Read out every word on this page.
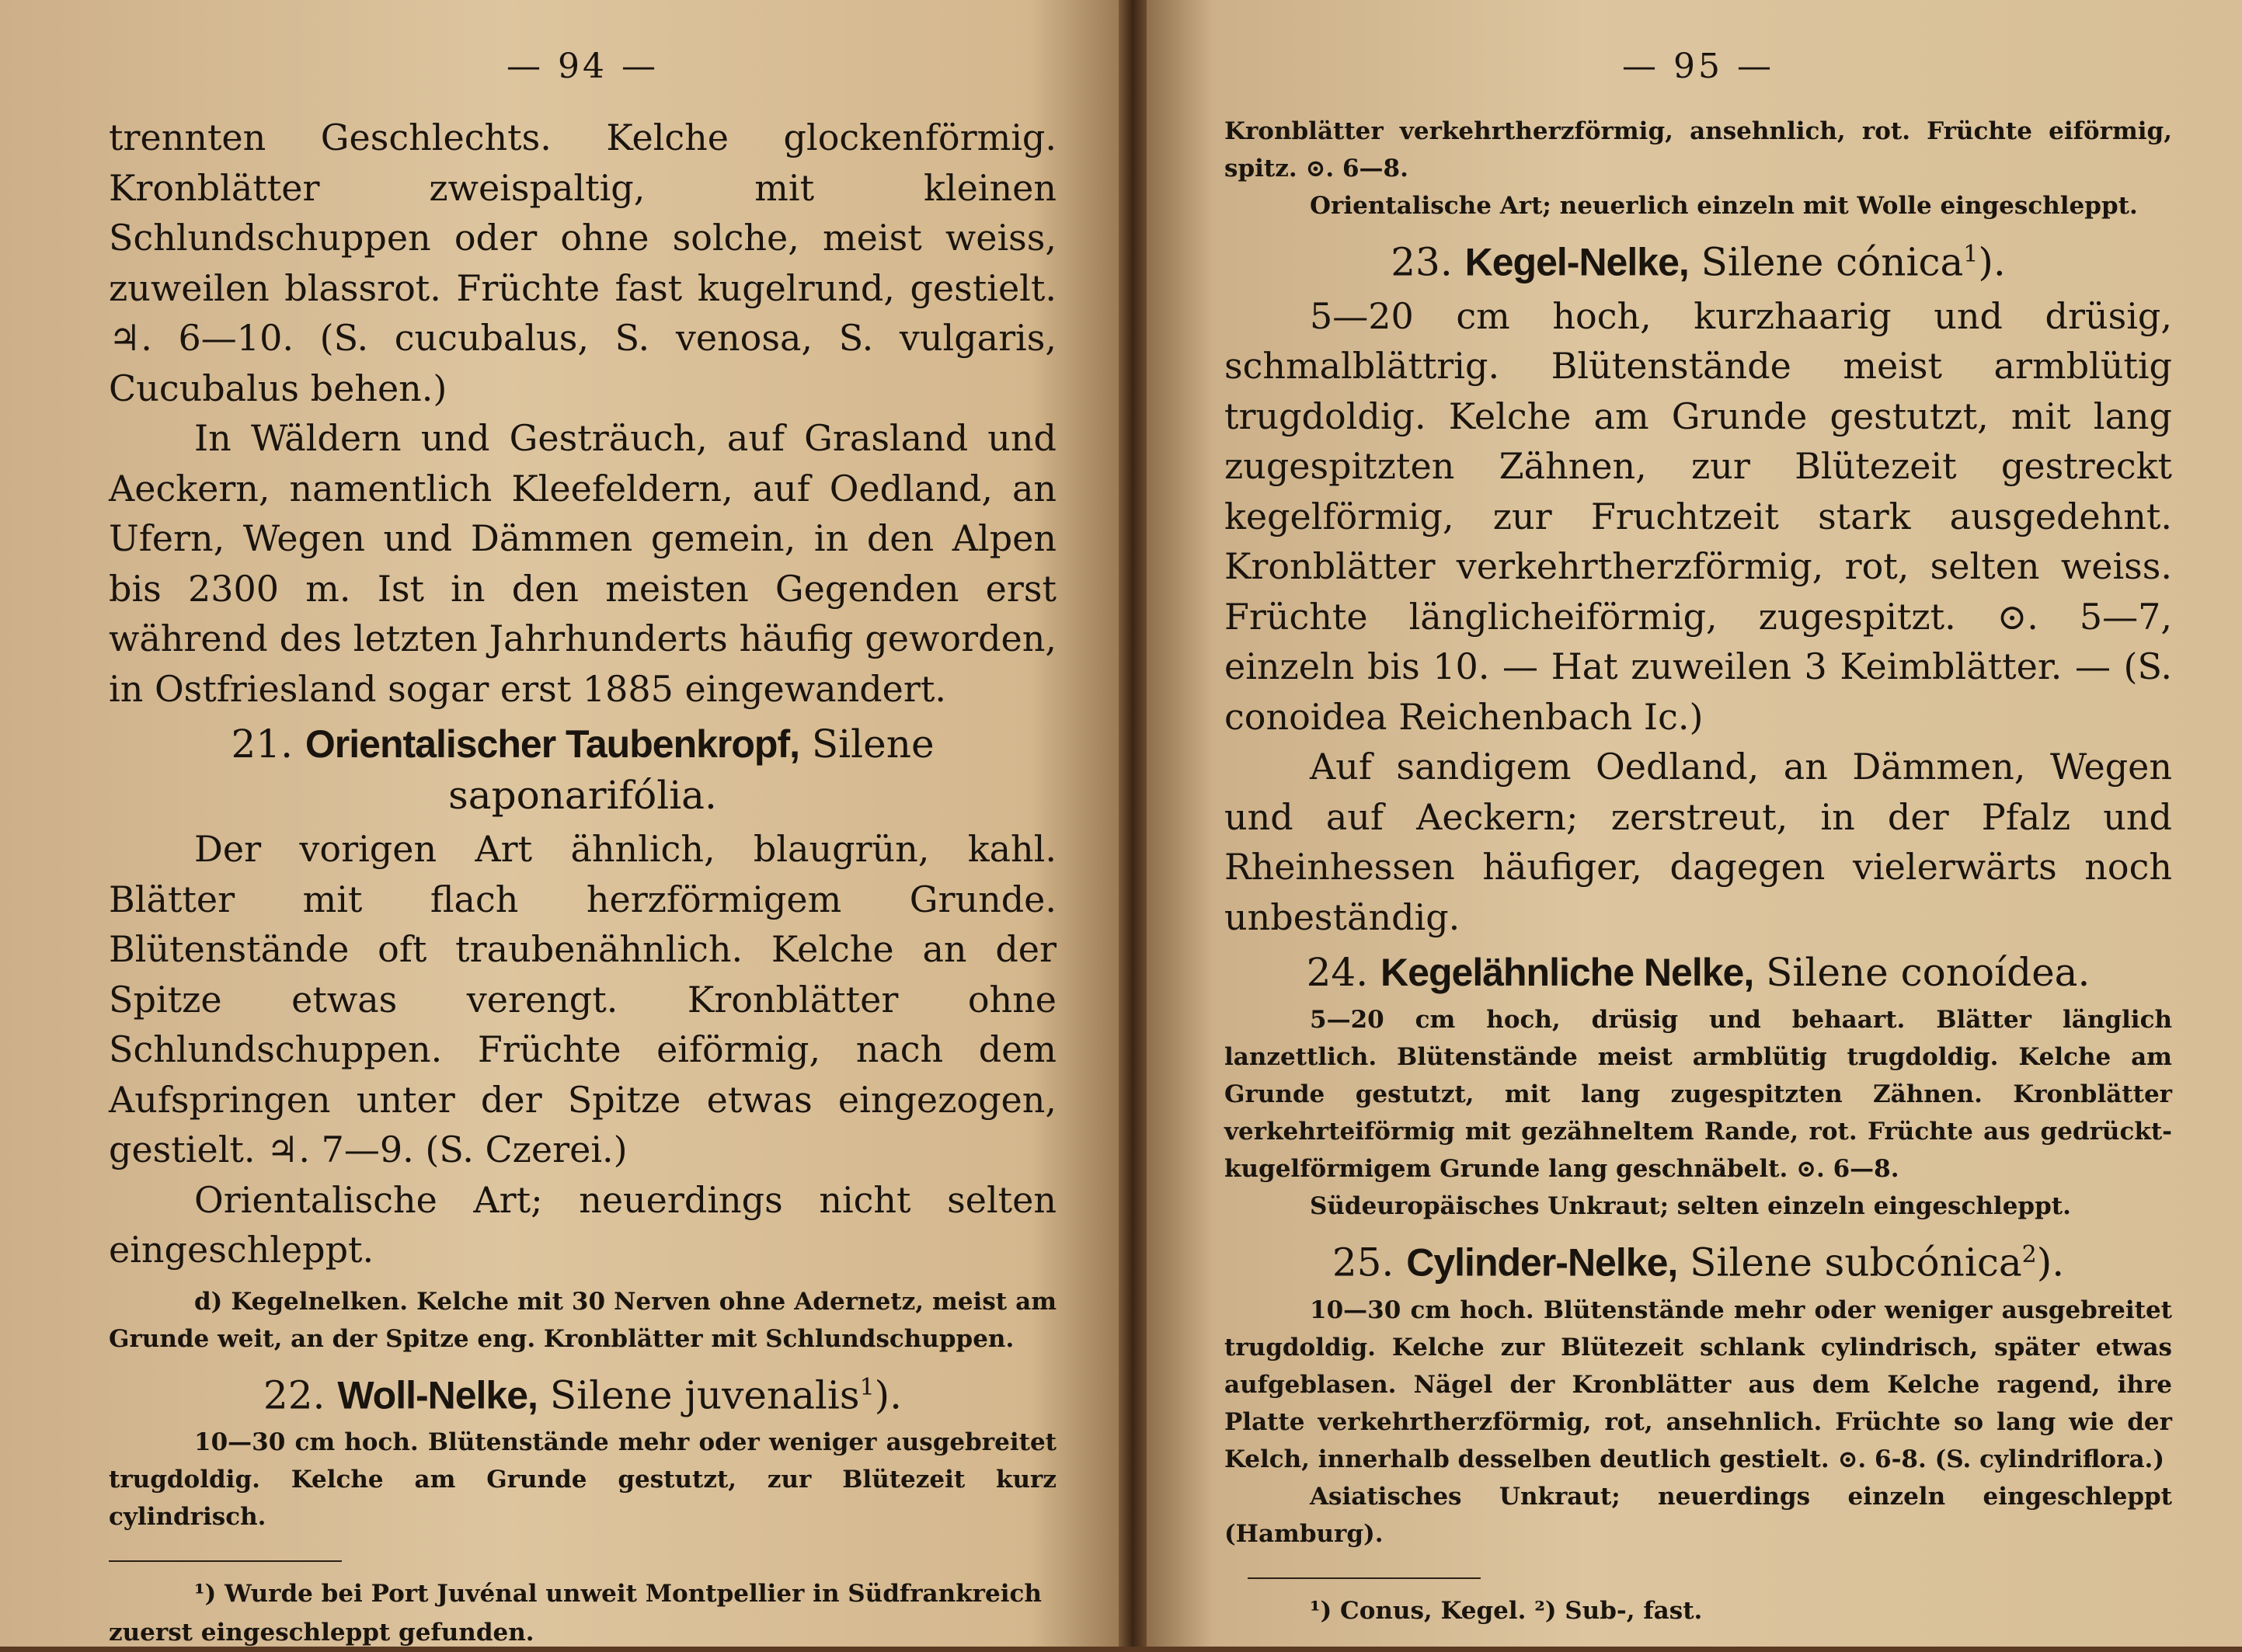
— 94 —

trennten Geschlechts. Kelche glockenförmig. Kronblätter zweispaltig, mit kleinen Schlundschuppen oder ohne solche, meist weiss, zuweilen blassrot. Früchte fast kugelrund, gestielt. ♃. 6—10. (S. cucubalus, S. venosa, S. vulgaris, Cucubalus behen.)

In Wäldern und Gesträuch, auf Grasland und Aeckern, namentlich Kleefeldern, auf Oedland, an Ufern, Wegen und Dämmen gemein, in den Alpen bis 2300 m. Ist in den meisten Gegenden erst während des letzten Jahrhunderts häufig geworden, in Ostfriesland sogar erst 1885 eingewandert.

21. Orientalischer Taubenkropf, Silene saponarifólia.

Der vorigen Art ähnlich, blaugrün, kahl. Blätter mit flach herzförmigem Grunde. Blütenstände oft traubenähnlich. Kelche an der Spitze etwas verengt. Kronblätter ohne Schlundschuppen. Früchte eiförmig, nach dem Aufspringen unter der Spitze etwas eingezogen, gestielt. ♃. 7—9. (S. Czerei.)

Orientalische Art; neuerdings nicht selten eingeschleppt.

d) Kegelnelken. Kelche mit 30 Nerven ohne Adernetz, meist am Grunde weit, an der Spitze eng. Kronblätter mit Schlundschuppen.

22. Woll-Nelke, Silene juvenalis$^1$).

10—30 cm hoch. Blütenstände mehr oder weniger ausgebreitet trugdoldig. Kelche am Grunde gestutzt, zur Blütezeit kurz cylindrisch.

¹) Wurde bei Port Juvénal unweit Montpellier in Südfrankreich zuerst eingeschleppt gefunden.

— 95 —

Kronblätter verkehrtherzförmig, ansehnlich, rot. Früchte eiförmig, spitz. ⊙. 6—8.

Orientalische Art; neuerlich einzeln mit Wolle eingeschleppt.

23. Kegel-Nelke, Silene cónica$^1$).

5—20 cm hoch, kurzhaarig und drüsig, schmalblättrig. Blütenstände meist armblütig trugdoldig. Kelche am Grunde gestutzt, mit lang zugespitzten Zähnen, zur Blütezeit gestreckt kegelförmig, zur Fruchtzeit stark ausgedehnt. Kronblätter verkehrtherzförmig, rot, selten weiss. Früchte länglicheiförmig, zugespitzt. ⊙. 5—7, einzeln bis 10. — Hat zuweilen 3 Keimblätter. — (S. conoidea Reichenbach Ic.)

Auf sandigem Oedland, an Dämmen, Wegen und auf Aeckern; zerstreut, in der Pfalz und Rheinhessen häufiger, dagegen vielerwärts noch unbeständig.

24. Kegelähnliche Nelke, Silene conoídea.

5—20 cm hoch, drüsig und behaart. Blätter länglich lanzettlich. Blütenstände meist armblütig trugdoldig. Kelche am Grunde gestutzt, mit lang zugespitzten Zähnen. Kronblätter verkehrteiförmig mit gezähneltem Rande, rot. Früchte aus gedrückt-kugelförmigem Grunde lang geschnäbelt. ⊙. 6—8.

Südeuropäisches Unkraut; selten einzeln eingeschleppt.

25. Cylinder-Nelke, Silene subcónica$^2$).

10—30 cm hoch. Blütenstände mehr oder weniger ausgebreitet trugdoldig. Kelche zur Blütezeit schlank cylindrisch, später etwas aufgeblasen. Nägel der Kronblätter aus dem Kelche ragend, ihre Platte verkehrtherzförmig, rot, ansehnlich. Früchte so lang wie der Kelch, innerhalb desselben deutlich gestielt. ⊙. 6-8. (S. cylindriflora.)

Asiatisches Unkraut; neuerdings einzeln eingeschleppt (Hamburg).

¹) Conus, Kegel. ²) Sub-, fast.
